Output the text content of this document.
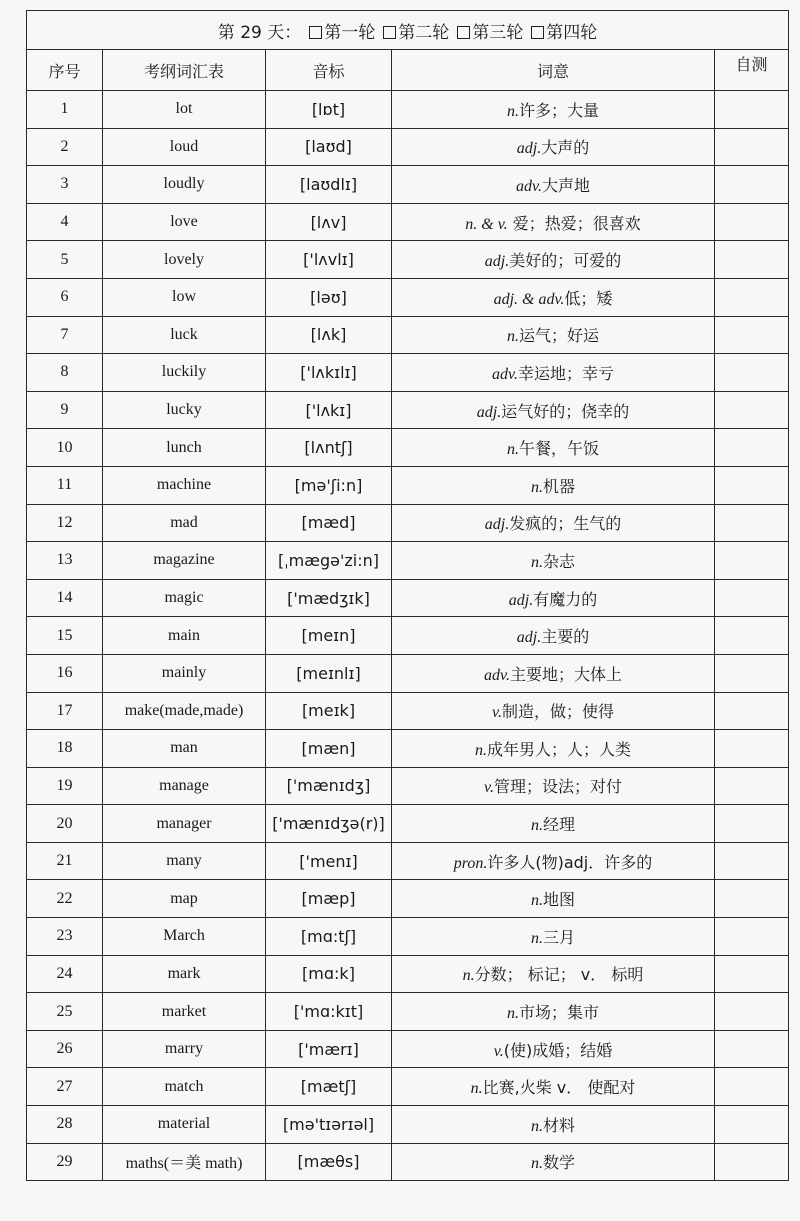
第 29 天： 第一轮 第二轮 第三轮 第四轮				
序号	考纲词汇表	音标	词意	自测
1	lot	[lɒt]	n.许多；大量	
2	loud	[laʊd]	adj.大声的	
3	loudly	[laʊdlɪ]	adv.大声地	
4	love	[lʌv]	n. & v. 爱；热爱；很喜欢	
5	lovely	['lʌvlɪ]	adj.美好的；可爱的	
6	low	[ləʊ]	adj. & adv.低；矮	
7	luck	[lʌk]	n.运气；好运	
8	luckily	['lʌkɪlɪ]	adv.幸运地；幸亏	
9	lucky	['lʌkɪ]	adj.运气好的；侥幸的	
10	lunch	[lʌntʃ]	n.午餐，午饭	
11	machine	[mə'ʃi:n]	n.机器	
12	mad	[mæd]	adj.发疯的；生气的	
13	magazine	[ˌmægə'zi:n]	n.杂志	
14	magic	['mædʒɪk]	adj.有魔力的	
15	main	[meɪn]	adj.主要的	
16	mainly	[meɪnlɪ]	adv.主要地；大体上	
17	make(made,made)	[meɪk]	v.制造，做；使得	
18	man	[mæn]	n.成年男人；人；人类	
19	manage	['mænɪdʒ]	v.管理；设法；对付	
20	manager	['mænɪdʒə(r)]	n.经理	
21	many	['menɪ]	pron.许多人(物)adj．许多的	
22	map	[mæp]	n.地图	
23	March	[mɑ:tʃ]	n.三月	
24	mark	[mɑ:k]	n.分数； 标记； v． 标明	
25	market	['mɑ:kɪt]	n.市场；集市	
26	marry	['mærɪ]	v.(使)成婚；结婚	
27	match	[mætʃ]	n.比赛,火柴 v． 使配对	
28	material	[mə'tɪərɪəl]	n.材料	
29	maths(＝美 math)	[mæθs]	n.数学	
